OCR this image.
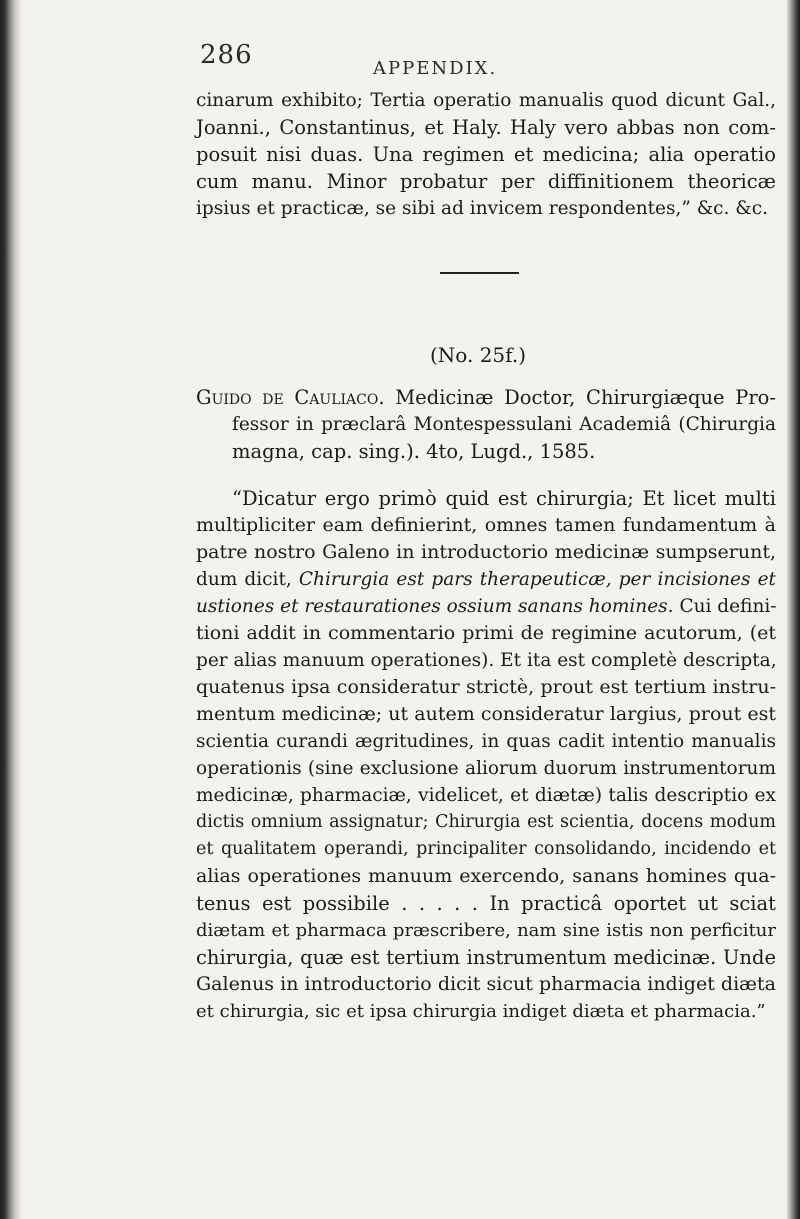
286	APPENDIX.
cinarum exhibito; Tertia operatio manualis quod dicunt Gal.,
Joanni., Constantinus, et Haly. Haly vero abbas non com-
posuit nisi duas. Una regimen et medicina; alia operatio
cum manu. Minor probatur per diffinitionem theoricæ
ipsius et practicæ, se sibi ad invicem respondentes,” &c. &c.
(No. 25f.)
Guido de Cauliaco. Medicinæ Doctor, Chirurgiæque Pro-
fessor in præclarâ Montespessulani Academiâ (Chirurgia
magna, cap. sing.). 4to, Lugd., 1585.
“Dicatur ergo primò quid est chirurgia; Et licet multi
multipliciter eam definierint, omnes tamen fundamentum à
patre nostro Galeno in introductorio medicinæ sumpserunt,
dum dicit, Chirurgia est pars therapeuticæ, per incisiones et
ustiones et restaurationes ossium sanans homines. Cui defini-
tioni addit in commentario primi de regimine acutorum, (et
per alias manuum operationes). Et ita est completè descripta,
quatenus ipsa consideratur strictè, prout est tertium instru-
mentum medicinæ; ut autem consideratur largius, prout est
scientia curandi ægritudines, in quas cadit intentio manualis
operationis (sine exclusione aliorum duorum instrumentorum
medicinæ, pharmaciæ, videlicet, et diætæ) talis descriptio ex
dictis omnium assignatur; Chirurgia est scientia, docens modum
et qualitatem operandi, principaliter consolidando, incidendo et
alias operationes manuum exercendo, sanans homines qua-
tenus est possibile . . . . . In practicâ oportet ut sciat
diætam et pharmaca præscribere, nam sine istis non perficitur
chirurgia, quæ est tertium instrumentum medicinæ. Unde
Galenus in introductorio dicit sicut pharmacia indiget diæta
et chirurgia, sic et ipsa chirurgia indiget diæta et pharmacia.”
